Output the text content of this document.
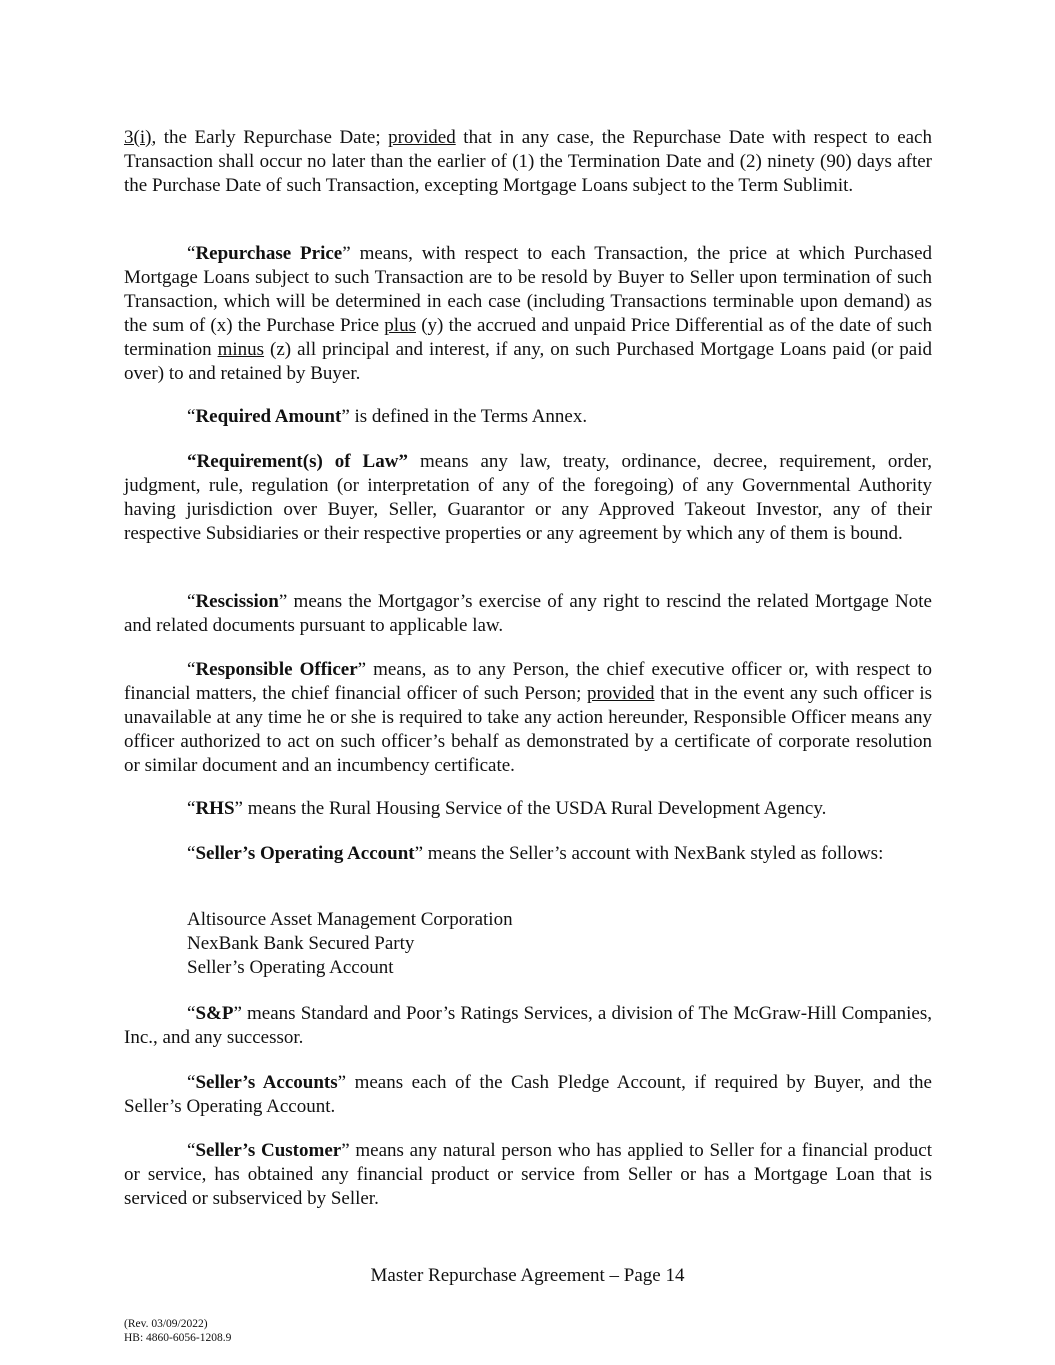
3(i), the Early Repurchase Date; provided that in any case, the Repurchase Date with respect to each Transaction shall occur no later than the earlier of (1) the Termination Date and (2) ninety (90) days after the Purchase Date of such Transaction, excepting Mortgage Loans subject to the Term Sublimit.

“Repurchase Price” means, with respect to each Transaction, the price at which Purchased Mortgage Loans subject to such Transaction are to be resold by Buyer to Seller upon termination of such Transaction, which will be determined in each case (including Transactions terminable upon demand) as the sum of (x) the Purchase Price plus (y) the accrued and unpaid Price Differential as of the date of such termination minus (z) all principal and interest, if any, on such Purchased Mortgage Loans paid (or paid over) to and retained by Buyer.

“Required Amount” is defined in the Terms Annex.

“Requirement(s) of Law” means any law, treaty, ordinance, decree, requirement, order, judgment, rule, regulation (or interpretation of any of the foregoing) of any Governmental Authority having jurisdiction over Buyer, Seller, Guarantor or any Approved Takeout Investor, any of their respective Subsidiaries or their respective properties or any agreement by which any of them is bound.

“Rescission” means the Mortgagor’s exercise of any right to rescind the related Mortgage Note and related documents pursuant to applicable law.

“Responsible Officer” means, as to any Person, the chief executive officer or, with respect to financial matters, the chief financial officer of such Person; provided that in the event any such officer is unavailable at any time he or she is required to take any action hereunder, Responsible Officer means any officer authorized to act on such officer’s behalf as demonstrated by a certificate of corporate resolution or similar document and an incumbency certificate.

“RHS” means the Rural Housing Service of the USDA Rural Development Agency.

“Seller’s Operating Account” means the Seller’s account with NexBank styled as follows:

Altisource Asset Management Corporation
NexBank Bank Secured Party
Seller’s Operating Account

“S&P” means Standard and Poor’s Ratings Services, a division of The McGraw-Hill Companies, Inc., and any successor.

“Seller’s Accounts” means each of the Cash Pledge Account, if required by Buyer, and the Seller’s Operating Account.

“Seller’s Customer” means any natural person who has applied to Seller for a financial product or service, has obtained any financial product or service from Seller or has a Mortgage Loan that is serviced or subserviced by Seller.

Master Repurchase Agreement – Page 14
(Rev. 03/09/2022)
HB: 4860-6056-1208.9
